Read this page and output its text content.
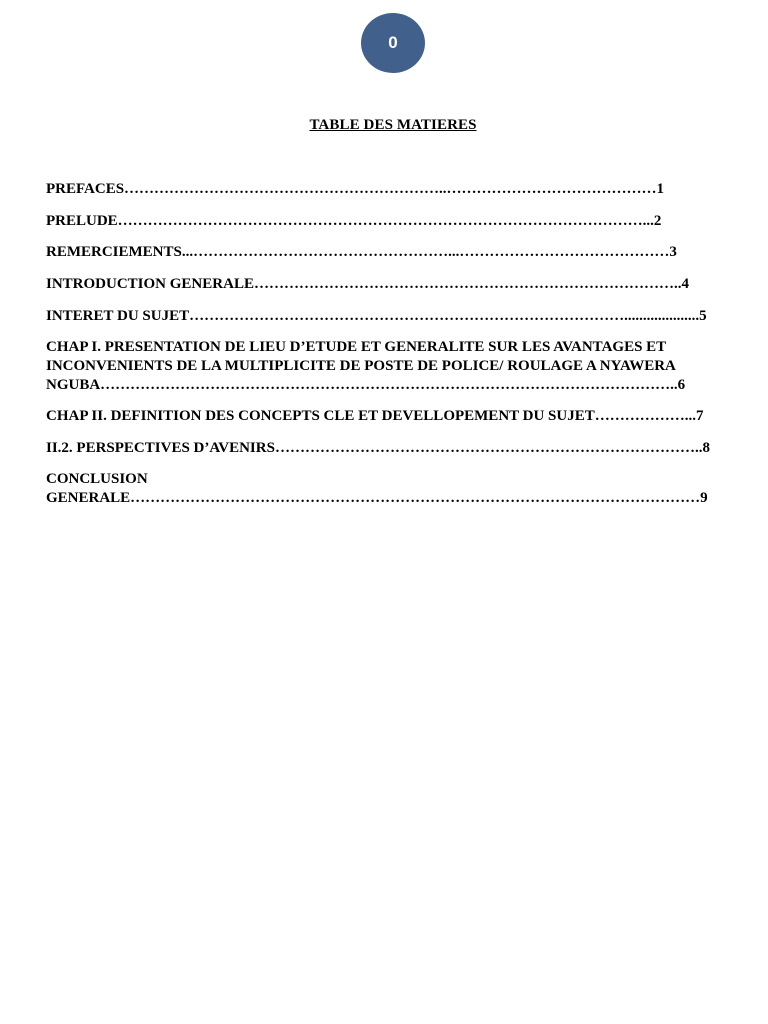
0
TABLE DES MATIERES
PREFACES………………………………………………………..……………………………………1
PRELUDE……………………………………………………………………………………………...2
REMERCIEMENTS...……………………………………………...……………………………………3
INTRODUCTION GENERALE…………………………………………………………………………..4
INTERET DU SUJET……………………………………………………………………………....................5
CHAP I. PRESENTATION DE LIEU D’ETUDE ET GENERALITE SUR LES AVANTAGES ET
INCONVENIENTS DE LA MULTIPLICITE DE POSTE DE POLICE/ ROULAGE A NYAWERA
NGUBA……………………………………………………………………………………………………..6
CHAP II. DEFINITION DES CONCEPTS CLE ET DEVELLOPEMENT DU SUJET………………...7
II.2. PERSPECTIVES D’AVENIRS…………………………………………………………………………..8
CONCLUSION
GENERALE……………………………………………………………………………………………………9
